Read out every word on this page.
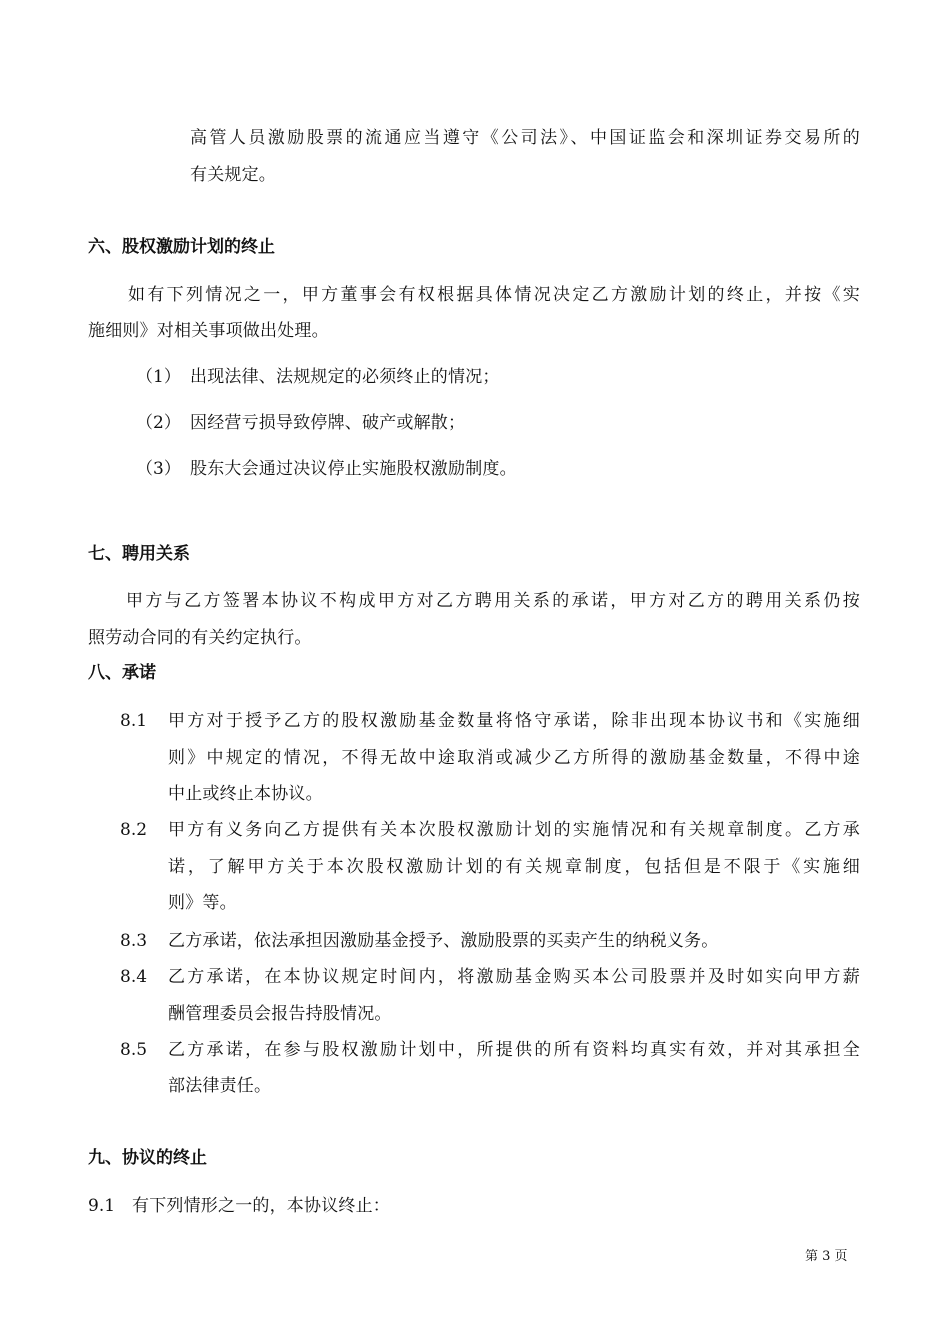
高管人员激励股票的流通应当遵守《公司法》、中国证监会和深圳证券交易所的
有关规定。
六、股权激励计划的终止
如有下列情况之一，甲方董事会有权根据具体情况决定乙方激励计划的终止，并按《实
施细则》对相关事项做出处理。
（1） 出现法律、法规规定的必须终止的情况；
（2） 因经营亏损导致停牌、破产或解散；
（3） 股东大会通过决议停止实施股权激励制度。
七、聘用关系
甲方与乙方签署本协议不构成甲方对乙方聘用关系的承诺，甲方对乙方的聘用关系仍按
照劳动合同的有关约定执行。
八、承诺
8.1 甲方对于授予乙方的股权激励基金数量将恪守承诺，除非出现本协议书和《实施细
则》中规定的情况，不得无故中途取消或减少乙方所得的激励基金数量，不得中途
中止或终止本协议。
8.2 甲方有义务向乙方提供有关本次股权激励计划的实施情况和有关规章制度。乙方承
诺，了解甲方关于本次股权激励计划的有关规章制度，包括但是不限于《实施细
则》等。
8.3 乙方承诺，依法承担因激励基金授予、激励股票的买卖产生的纳税义务。
8.4 乙方承诺，在本协议规定时间内，将激励基金购买本公司股票并及时如实向甲方薪
酬管理委员会报告持股情况。
8.5 乙方承诺，在参与股权激励计划中，所提供的所有资料均真实有效，并对其承担全
部法律责任。
九、协议的终止
9.1 有下列情形之一的，本协议终止：
第 3 页
